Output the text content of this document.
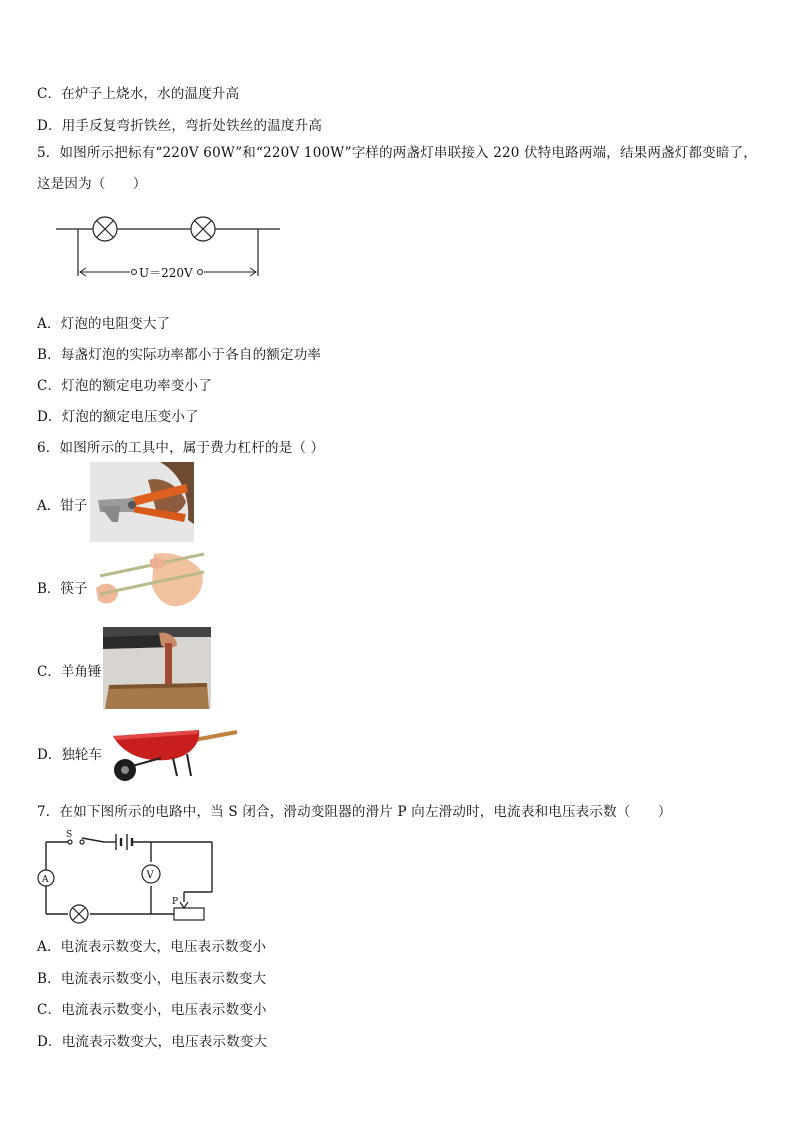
C．在炉子上烧水，水的温度升高
D．用手反复弯折铁丝，弯折处铁丝的温度升高
5．如图所示把标有“220V 60W”和“220V 100W”字样的两盏灯串联接入 220 伏特电路两端，结果两盏灯都变暗了，这是因为（　　）
U＝220V
A．灯泡的电阻变大了
B．每盏灯泡的实际功率都小于各自的额定功率
C．灯泡的额定电功率变小了
D．灯泡的额定电压变小了
6．如图所示的工具中，属于费力杠杆的是（ ）
A．钳子
B．筷子
C．羊角锤
D．独轮车
7．在如下图所示的电路中，当 S 闭合，滑动变阻器的滑片 P 向左滑动时，电流表和电压表示数（　　）
S
A	V
P
A．电流表示数变大，电压表示数变小
B．电流表示数变小，电压表示数变大
C．电流表示数变小，电压表示数变小
D．电流表示数变大，电压表示数变大
